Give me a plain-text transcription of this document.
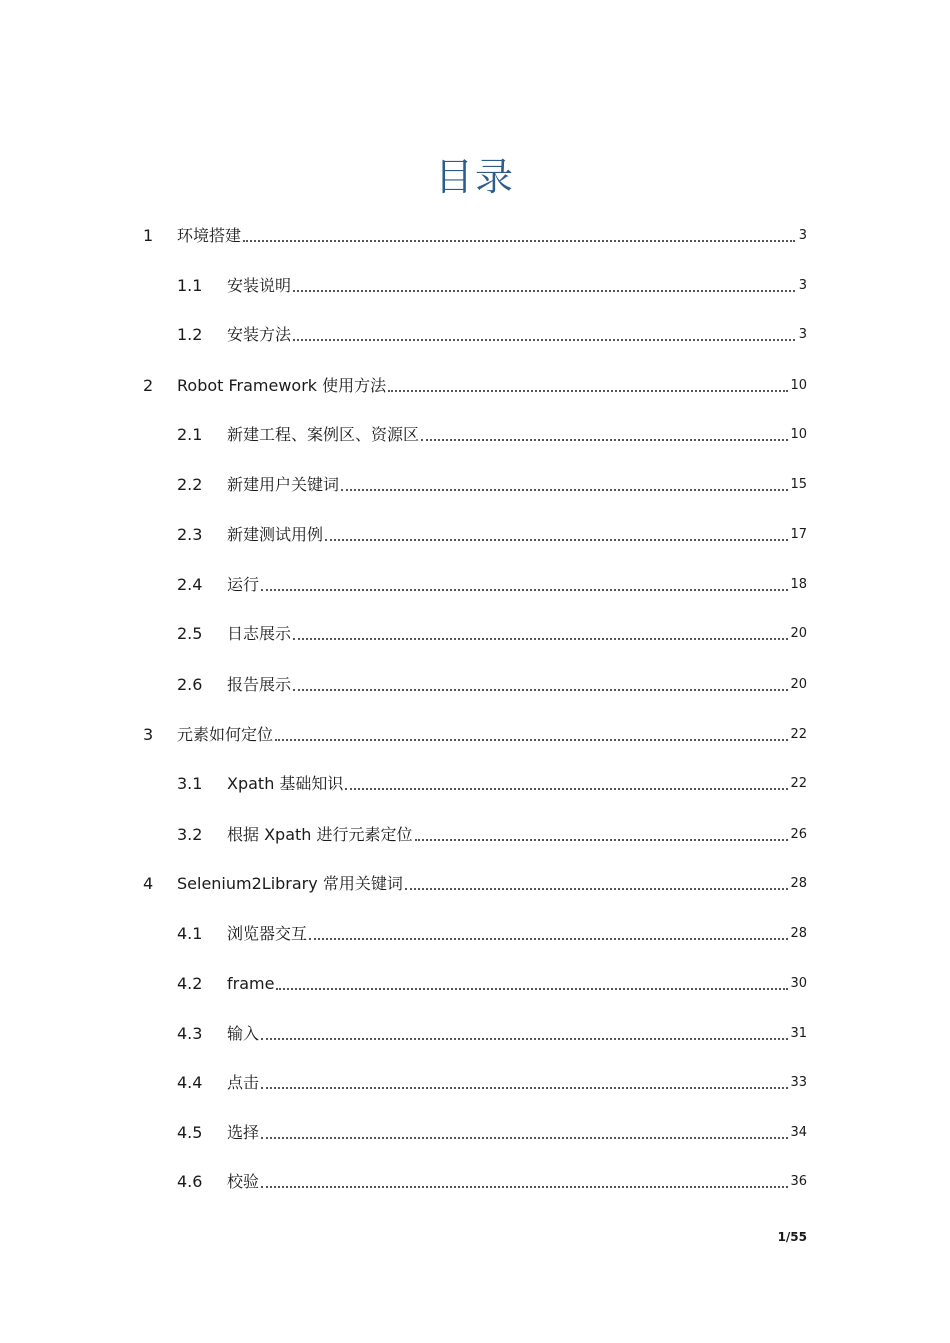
目录
1	环境搭建	3
1.1	安装说明	3
1.2	安装方法	3
2	Robot Framework 使用方法	10
2.1	新建工程、案例区、资源区	10
2.2	新建用户关键词	15
2.3	新建测试用例	17
2.4	运行	18
2.5	日志展示	20
2.6	报告展示	20
3	元素如何定位	22
3.1	Xpath 基础知识	22
3.2	根据 Xpath 进行元素定位	26
4	Selenium2Library 常用关键词	28
4.1	浏览器交互	28
4.2	frame	30
4.3	输入	31
4.4	点击	33
4.5	选择	34
4.6	校验	36
1/55
